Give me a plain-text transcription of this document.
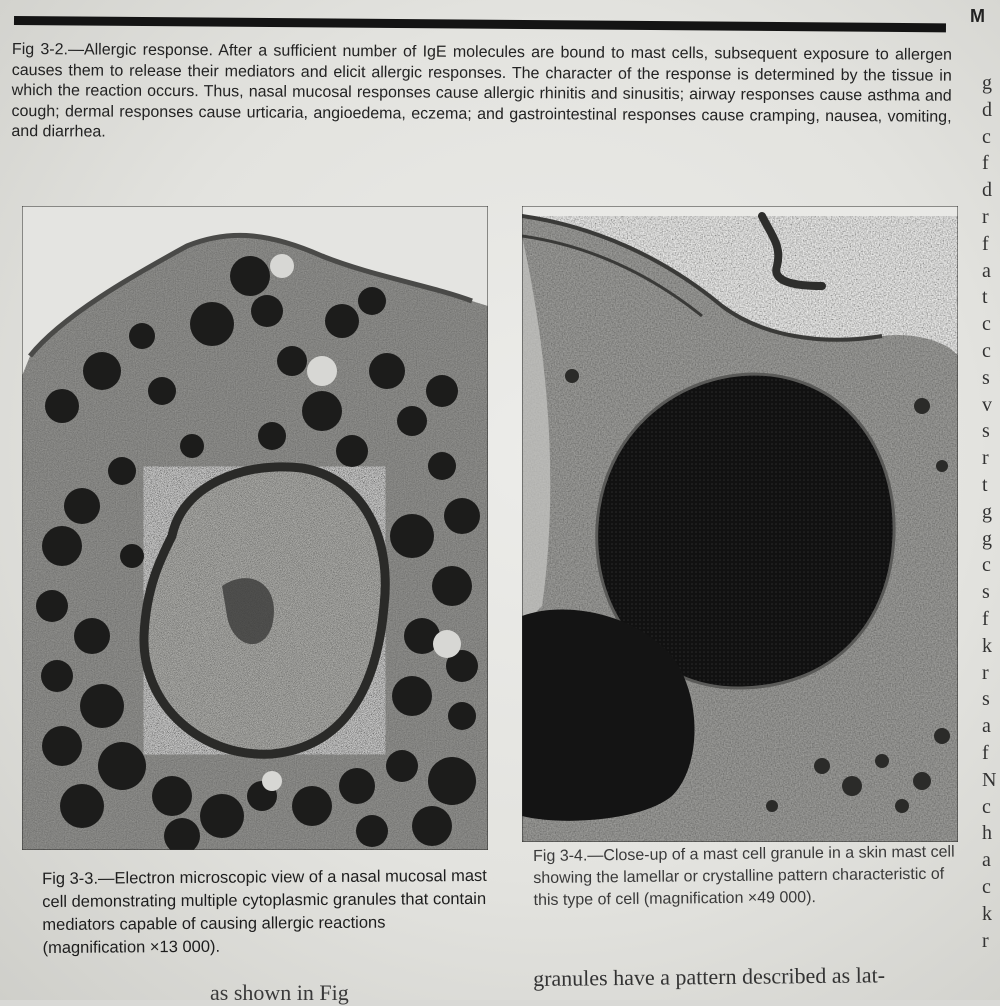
M
Fig 3-2.—Allergic response. After a sufficient number of IgE molecules are bound to mast cells, subsequent exposure to allergen causes them to release their mediators and elicit allergic responses. The character of the response is determined by the tissue in which the reaction occurs. Thus, nasal mucosal responses cause allergic rhinitis and sinusitis; airway responses cause asthma and cough; dermal responses cause urticaria, angioedema, eczema; and gastrointestinal responses cause cramping, nausea, vomiting, and diarrhea.
Fig 3-3.—Electron microscopic view of a nasal mucosal mast cell demonstrating multiple cytoplasmic granules that contain mediators capable of causing allergic reactions (magnification ×13 000).
Fig 3-4.—Close-up of a mast cell granule in a skin mast cell showing the lamellar or crystalline pattern characteristic of this type of cell (magnification ×49 000).
g
d
c
f
d
r
f
a
t
c
c
s
v
s
r
t
g
g
c
s
f
k
r
s
a
f
N
c
h
a
c
k
r
as shown in Fig
granules have a pattern described as lat-
